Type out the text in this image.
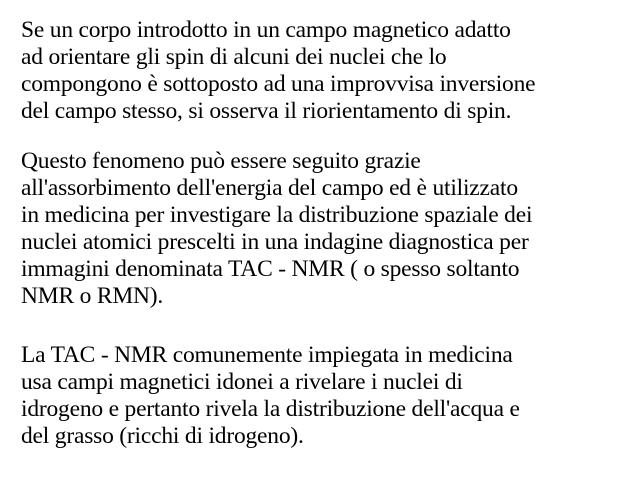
Se un corpo introdotto in un campo magnetico adatto
ad orientare gli spin di alcuni dei nuclei che lo
compongono è sottoposto ad una improvvisa inversione
del campo stesso, si osserva il riorientamento di spin.

Questo fenomeno può essere seguito grazie
all'assorbimento dell'energia del campo ed è utilizzato
in medicina per investigare la distribuzione spaziale dei
nuclei atomici prescelti in una indagine diagnostica per
immagini denominata TAC - NMR ( o spesso soltanto
NMR o RMN).

La TAC - NMR comunemente impiegata in medicina
usa campi magnetici idonei a rivelare i nuclei di
idrogeno e pertanto rivela la distribuzione dell'acqua e
del grasso (ricchi di idrogeno).
